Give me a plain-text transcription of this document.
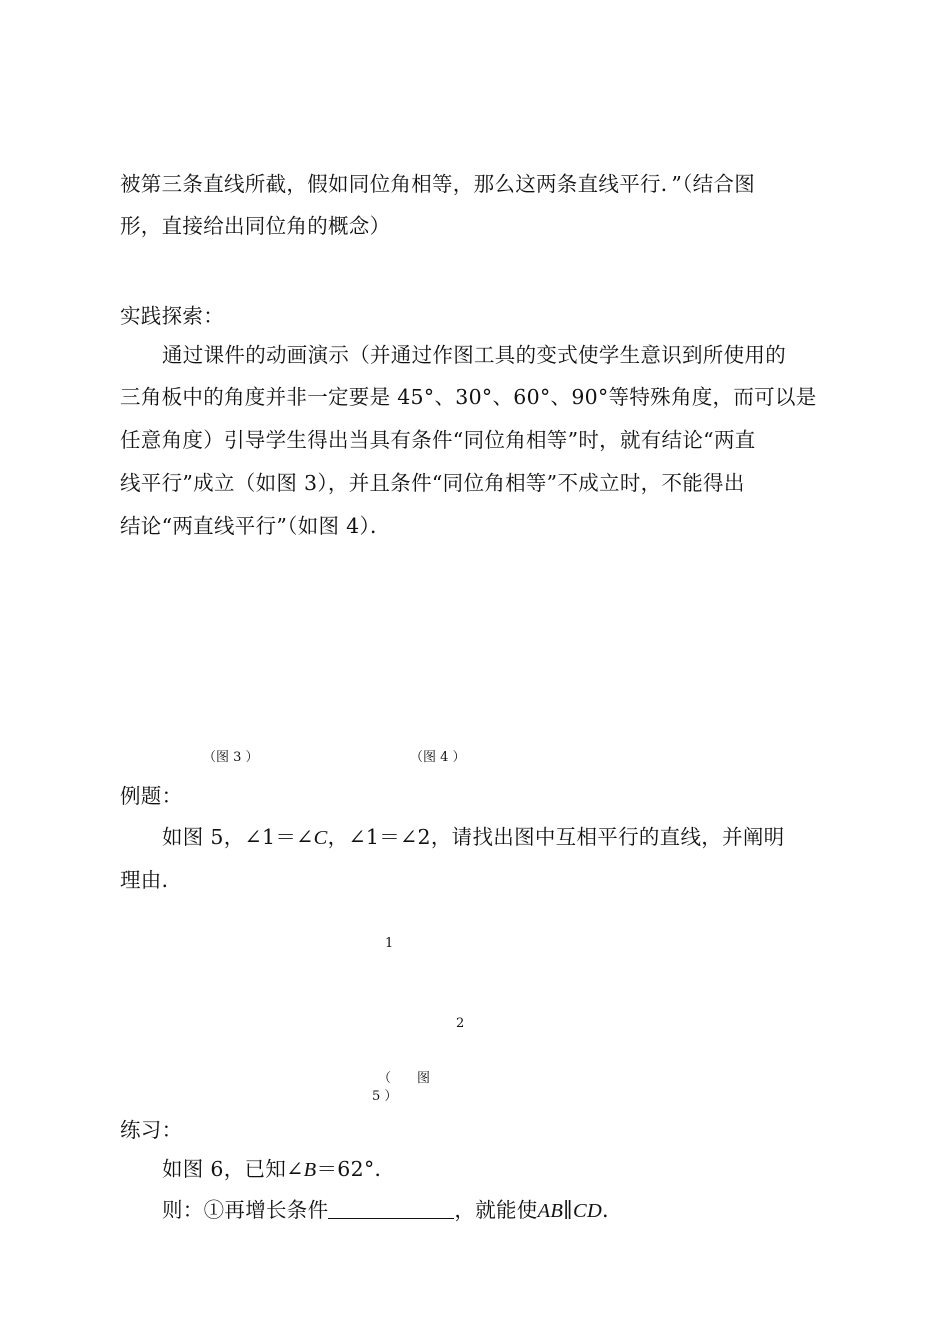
被第三条直线所截，假如同位角相等，那么这两条直线平行．”（结合图
形，直接给出同位角的概念）
实践探索：
通过课件的动画演示（并通过作图工具的变式使学生意识到所使用的
三角板中的角度并非一定要是 45°、30°、60°、90°等特殊角度，而可以是
任意角度）引导学生得出当具有条件“同位角相等”时，就有结论“两直
线平行”成立（如图 3），并且条件“同位角相等”不成立时，不能得出
结论“两直线平行”（如图 4）．
（图 3 ）	（图 4 ）
例题：
如图 5，∠1＝∠C，∠1＝∠2，请找出图中互相平行的直线，并阐明
理由．
1
2
（　　图
5 ）
练习：
如图 6，已知∠B＝62°．
则：①再增长条件	，就能使AB∥CD．
